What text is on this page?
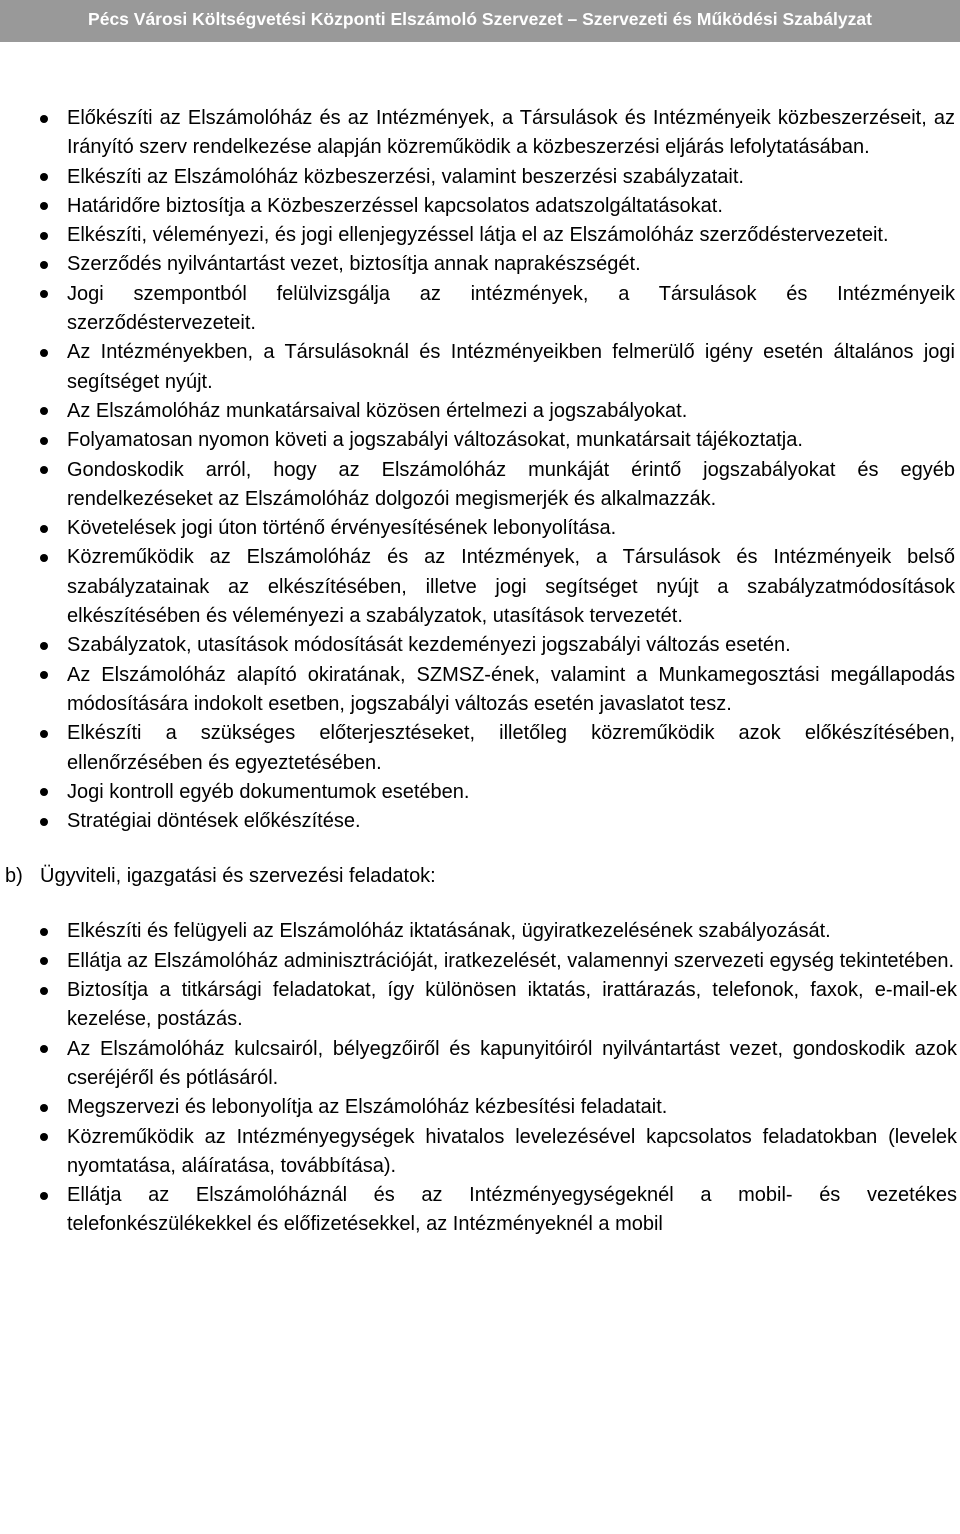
Pécs Városi Költségvetési Központi Elszámoló Szervezet – Szervezeti és Működési Szabályzat
Előkészíti az Elszámolóház és az Intézmények, a Társulások és Intézményeik közbeszerzéseit, az Irányító szerv rendelkezése alapján közreműködik a közbeszerzési eljárás lefolytatásában.
Elkészíti az Elszámolóház közbeszerzési, valamint beszerzési szabályzatait.
Határidőre biztosítja a Közbeszerzéssel kapcsolatos adatszolgáltatásokat.
Elkészíti, véleményezi, és jogi ellenjegyzéssel látja el az Elszámolóház szerződéstervezeteit.
Szerződés nyilvántartást vezet, biztosítja annak naprakészségét.
Jogi szempontból felülvizsgálja az intézmények, a Társulások és Intézményeik szerződéstervezeteit.
Az Intézményekben, a Társulásoknál és Intézményeikben felmerülő igény esetén általános jogi segítséget nyújt.
Az Elszámolóház munkatársaival közösen értelmezi a jogszabályokat.
Folyamatosan nyomon követi a jogszabályi változásokat, munkatársait tájékoztatja.
Gondoskodik arról, hogy az Elszámolóház munkáját érintő jogszabályokat és egyéb rendelkezéseket az Elszámolóház dolgozói megismerjék és alkalmazzák.
Követelések jogi úton történő érvényesítésének lebonyolítása.
Közreműködik az Elszámolóház és az Intézmények, a Társulások és Intézményeik belső szabályzatainak az elkészítésében, illetve jogi segítséget nyújt a szabályzatmódosítások elkészítésében és véleményezi a szabályzatok, utasítások tervezetét.
Szabályzatok, utasítások módosítását kezdeményezi jogszabályi változás esetén.
Az Elszámolóház alapító okiratának, SZMSZ-ének, valamint a Munkamegosztási megállapodás módosítására indokolt esetben, jogszabályi változás esetén javaslatot tesz.
Elkészíti a szükséges előterjesztéseket, illetőleg közreműködik azok előkészítésében, ellenőrzésében és egyeztetésében.
Jogi kontroll egyéb dokumentumok esetében.
Stratégiai döntések előkészítése.
b) Ügyviteli, igazgatási és szervezési feladatok:
Elkészíti és felügyeli az Elszámolóház iktatásának, ügyiratkezelésének szabályozását.
Ellátja az Elszámolóház adminisztrációját, iratkezelését, valamennyi szervezeti egység tekintetében.
Biztosítja a titkársági feladatokat, így különösen iktatás, irattárazás, telefonok, faxok, e-mail-ek kezelése, postázás.
Az Elszámolóház kulcsairól, bélyegzőiről és kapunyitóiról nyilvántartást vezet, gondoskodik azok cseréjéről és pótlásáról.
Megszervezi és lebonyolítja az Elszámolóház kézbesítési feladatait.
Közreműködik az Intézményegységek hivatalos levelezésével kapcsolatos feladatokban (levelek nyomtatása, aláíratása, továbbítása).
Ellátja az Elszámolóháznál és az Intézményegységeknél a mobil- és vezetékes telefonkészülékekkel és előfizetésekkel, az Intézményeknél a mobil
